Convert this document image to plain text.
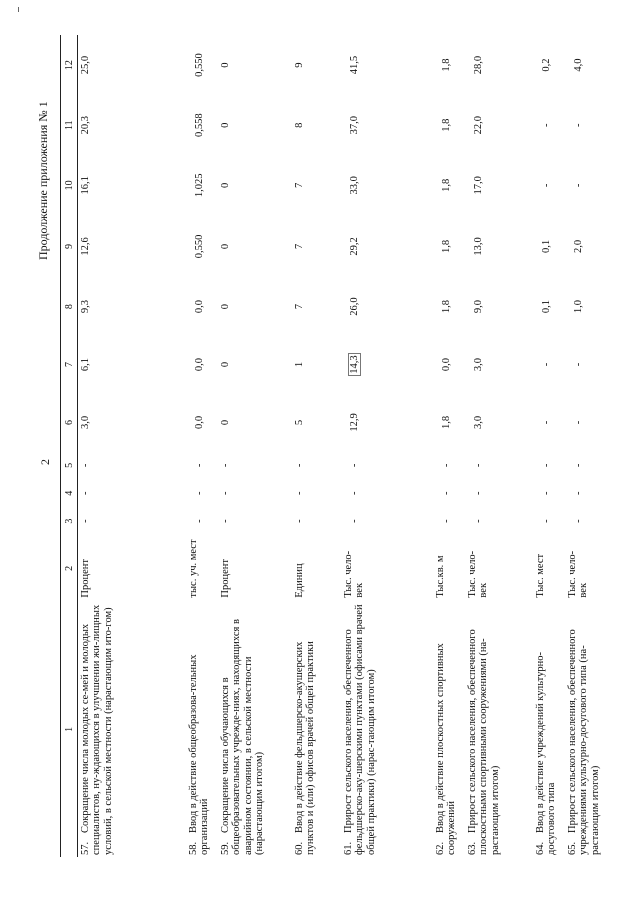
2
Продолжение приложения № 1
1	2	3	4	5	6	7	8	9	10	11	12
57.Сокращение числа молодых се-мей и молодых специалистов, ну-ждающихся в улучшении жи-лищных условий, в сельской местности (нарастающим ито-гом)	Процент	-	-	-	3,0	6,1	9,3	12,6	16,1	20,3	25,0
58.Ввод в действие общеобразова-тельных организаций	тыс. уч. мест	-	-	-	0,0	0,0	0,0	0,550	1,025	0,558	0,550
59.Сокращение числа обучающихся в общеобразовательных учрежде-ниях, находящихся в аварийном состоянии, в сельской местности (нарастающим итогом)	Процент	-	-	-	0	0	0	0	0	0	0
60.Ввод в действие фельдшерско-акушерских пунктов и (или) офисов врачей общей практики	Единиц	-	-	-	5	1	7	7	7	8	9
61.Прирост сельского населения, обеспеченного фельдшерско-аку-шерскими пунктами (офисами врачей общей практики) (нарас-тающим итогом)	Тыс. чело-век	-	-	-	12,9	14,3	26,0	29,2	33,0	37,0	41,5
62.Ввод в действие плоскостных спортивных сооружений	Тыс.кв. м	-	-	-	1,8	0,0	1,8	1,8	1,8	1,8	1,8
63.Прирост сельского населения, обеспеченного плоскостными спортивными сооружениями (на-растающим итогом)	Тыс. чело-век	-	-	-	3,0	3,0	9,0	13,0	17,0	22,0	28,0
64.Ввод в действие учреждений культурно-досугового типа	Тыс. мест	-	-	-	-	-	0,1	0,1	-	-	0,2
65.Прирост сельского населения, обеспеченного учреждениями культурно-досугового типа (на-растающим итогом)	Тыс. чело-век	-	-	-	-	-	1,0	2,0	-	-	4,0
